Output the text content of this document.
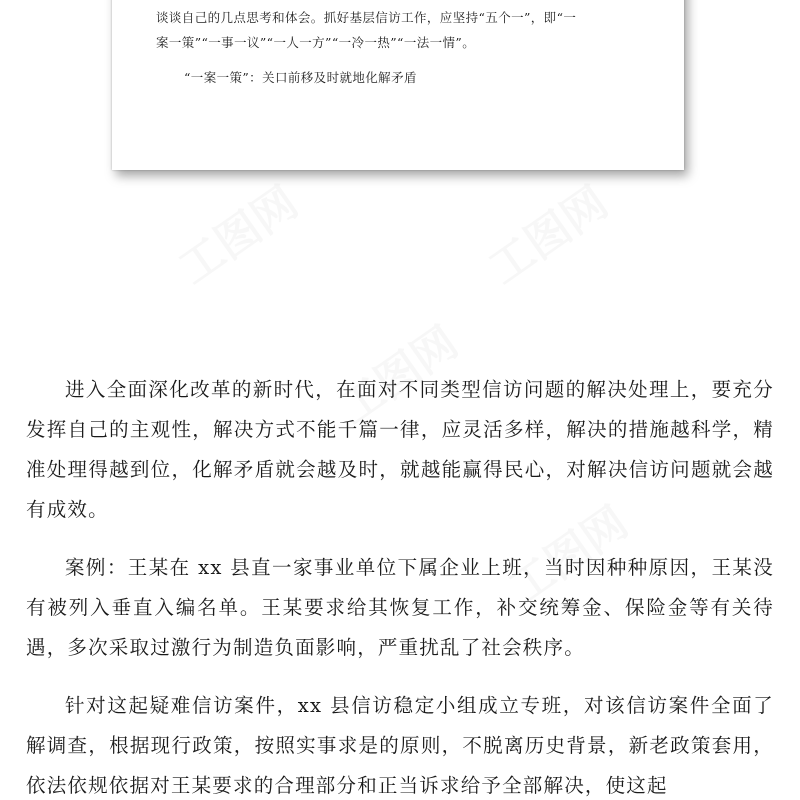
谈谈自己的几点思考和体会。抓好基层信访工作，应坚持“五个一”，即“一
案一策”“一事一议”“一人一方”“一冷一热”“一法一情”。
“一案一策”：关口前移及时就地化解矛盾
工图网	工图网
工图网
工图网

进入全面深化改革的新时代，在面对不同类型信访问题的解决处理上，要充分发挥自己的主观性，解决方式不能千篇一律，应灵活多样，解决的措施越科学，精准处理得越到位，化解矛盾就会越及时，就越能赢得民心，对解决信访问题就会越有成效。

案例：王某在 xx 县直一家事业单位下属企业上班，当时因种种原因，王某没有被列入垂直入编名单。王某要求给其恢复工作，补交统筹金、保险金等有关待遇，多次采取过激行为制造负面影响，严重扰乱了社会秩序。

针对这起疑难信访案件，xx 县信访稳定小组成立专班，对该信访案件全面了解调查，根据现行政策，按照实事求是的原则，不脱离历史背景，新老政策套用，依法依规依据对王某要求的合理部分和正当诉求给予全部解决，使这起
